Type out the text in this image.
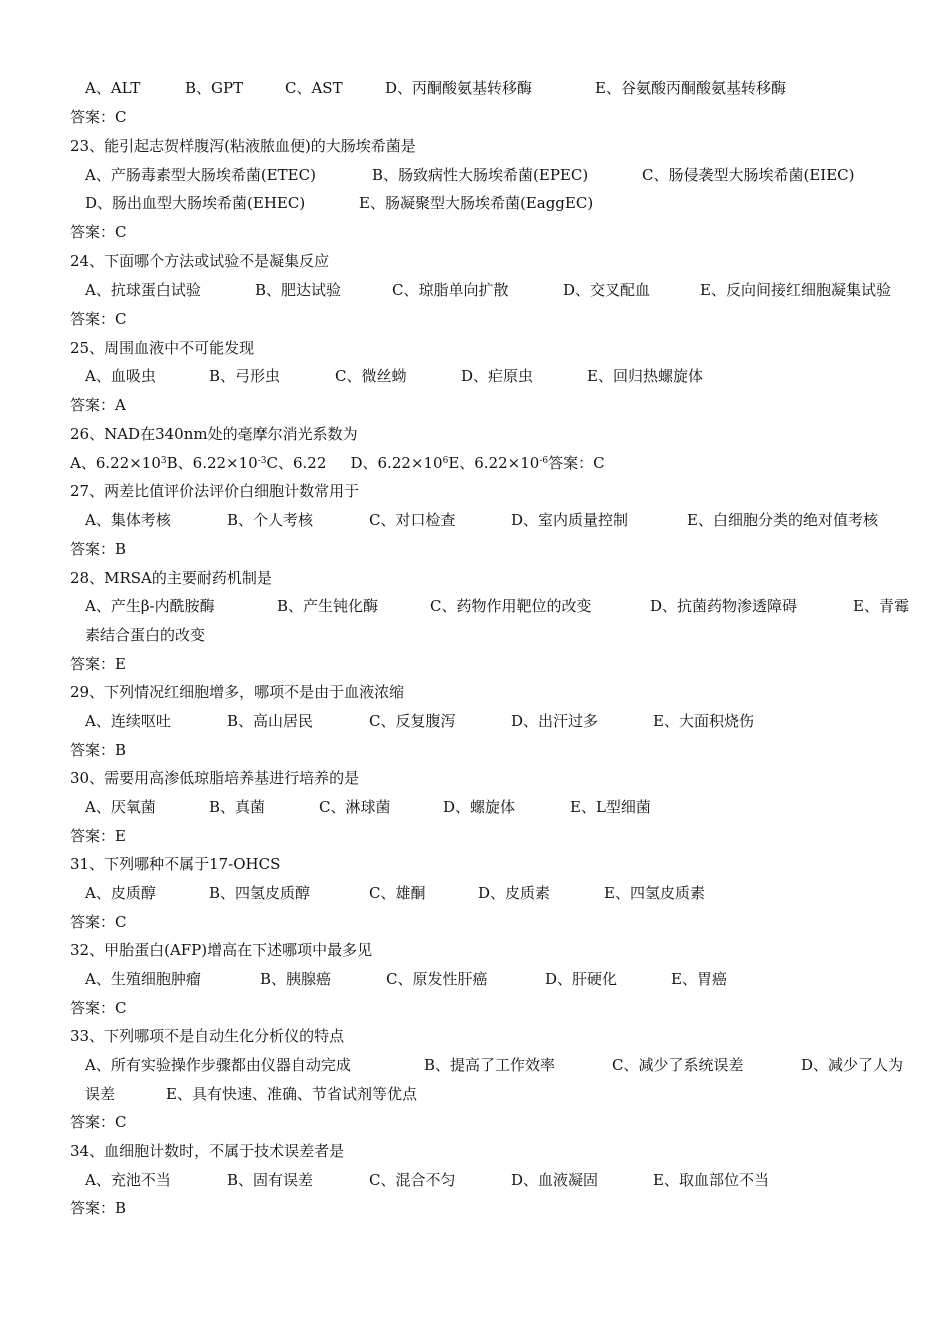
A、ALT	B、GPT	C、AST	D、丙酮酸氨基转移酶	E、谷氨酸丙酮酸氨基转移酶
答案：C
23、能引起志贺样腹泻(粘液脓血便)的大肠埃希菌是
A、产肠毒素型大肠埃希菌(ETEC)	B、肠致病性大肠埃希菌(EPEC)	C、肠侵袭型大肠埃希菌(EIEC)
D、肠出血型大肠埃希菌(EHEC)	E、肠凝聚型大肠埃希菌(EaggEC)
答案：C
24、下面哪个方法或试验不是凝集反应
A、抗球蛋白试验	B、肥达试验	C、琼脂单向扩散	D、交叉配血	E、反向间接红细胞凝集试验
答案：C
25、周围血液中不可能发现
A、血吸虫	B、弓形虫	C、微丝蚴	D、疟原虫	E、回归热螺旋体
答案：A
26、NAD在340nm处的毫摩尔消光系数为
A、$6.22\times 10^3B$、$6.22\times 10^{-3}C$、6.22 D、$6.22\times 10^6E$、$6.22\times 10^{-6}$答案：C
27、两差比值评价法评价白细胞计数常用于
A、集体考核	B、个人考核	C、对口检查	D、室内质量控制	E、白细胞分类的绝对值考核
答案：B
28、MRSA的主要耐药机制是
A、产生β-内酰胺酶	B、产生钝化酶	C、药物作用靶位的改变	D、抗菌药物渗透障碍	E、青霉
素结合蛋白的改变
答案：E
29、下列情况红细胞增多，哪项不是由于血液浓缩
A、连续呕吐	B、高山居民	C、反复腹泻	D、出汗过多	E、大面积烧伤
答案：B
30、需要用高渗低琼脂培养基进行培养的是
A、厌氧菌	B、真菌	C、淋球菌	D、螺旋体	E、L型细菌
答案：E
31、下列哪种不属于17-OHCS
A、皮质醇	B、四氢皮质醇	C、雄酮	D、皮质素	E、四氢皮质素
答案：C
32、甲胎蛋白(AFP)增高在下述哪项中最多见
A、生殖细胞肿瘤	B、胰腺癌	C、原发性肝癌	D、肝硬化	E、胃癌
答案：C
33、下列哪项不是自动生化分析仪的特点
A、所有实验操作步骤都由仪器自动完成	B、提高了工作效率	C、减少了系统误差	D、减少了人为
误差	E、具有快速、准确、节省试剂等优点
答案：C
34、血细胞计数时，不属于技术误差者是
A、充池不当	B、固有误差	C、混合不匀	D、血液凝固	E、取血部位不当
答案：B
